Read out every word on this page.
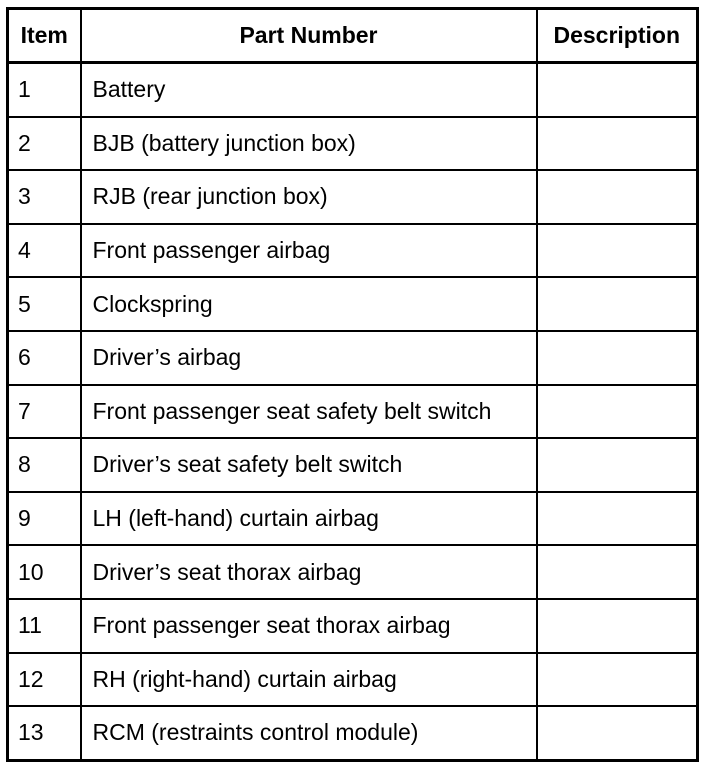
Item	Part Number	Description
1	Battery	
2	BJB (battery junction box)	
3	RJB (rear junction box)	
4	Front passenger airbag	
5	Clockspring	
6	Driver’s airbag	
7	Front passenger seat safety belt switch	
8	Driver’s seat safety belt switch	
9	LH (left-hand) curtain airbag	
10	Driver’s seat thorax airbag	
11	Front passenger seat thorax airbag	
12	RH (right-hand) curtain airbag	
13	RCM (restraints control module)	
